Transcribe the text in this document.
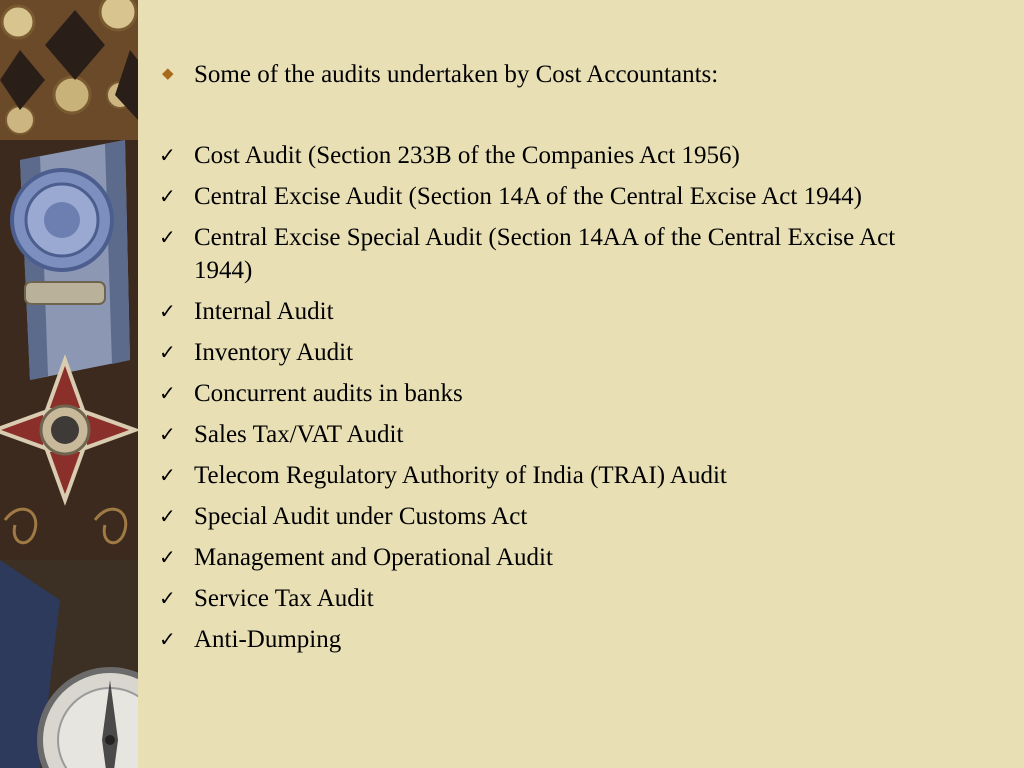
◆ Some of the audits undertaken by Cost Accountants:
✓ Cost Audit (Section 233B of the Companies Act 1956)
✓ Central Excise Audit (Section 14A of the Central Excise Act 1944)
✓ Central Excise Special Audit (Section 14AA of the Central Excise Act 1944)
✓ Internal Audit
✓ Inventory Audit
✓ Concurrent audits in banks
✓ Sales Tax/VAT Audit
✓ Telecom Regulatory Authority of India (TRAI) Audit
✓ Special Audit under Customs Act
✓ Management and Operational Audit
✓ Service Tax Audit
✓ Anti-Dumping
